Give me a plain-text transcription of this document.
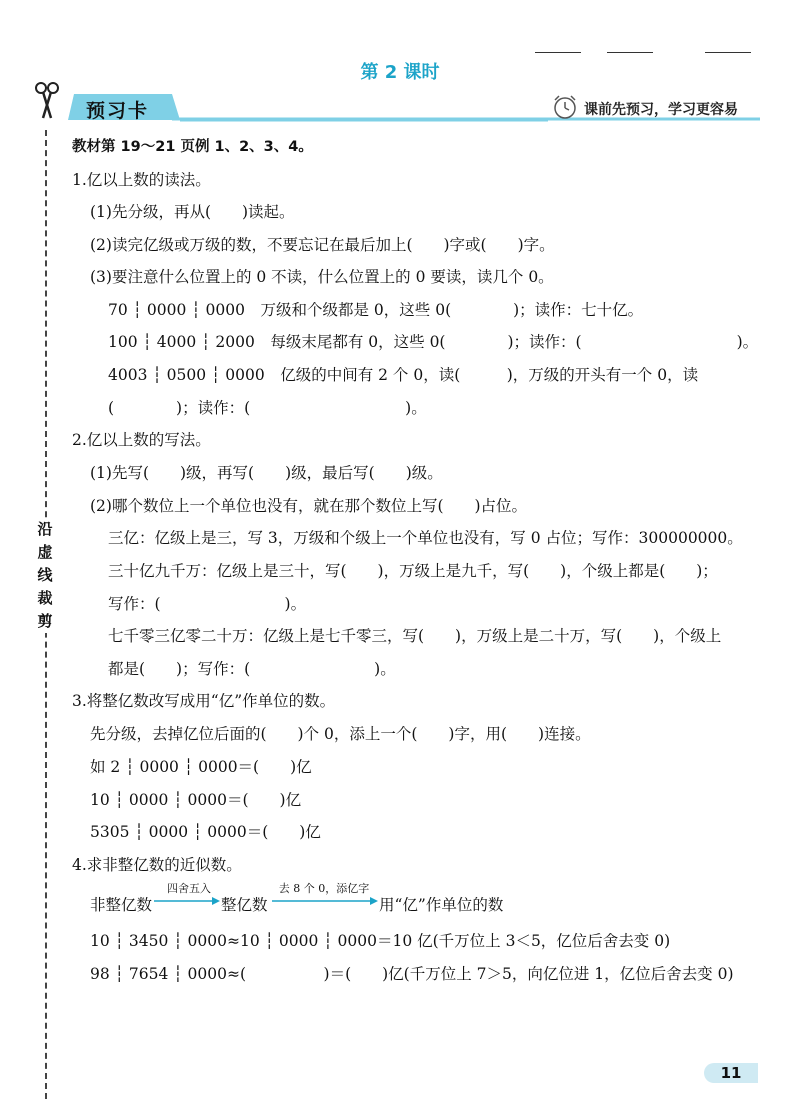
第 2 课时
沿虚线裁剪
预习卡	课前先预习，学习更容易
教材第 19～21 页例 1、2、3、4。
1.亿以上数的读法。
(1)先分级，再从(　　)读起。
(2)读完亿级或万级的数，不要忘记在最后加上(　　)字或(　　)字。
(3)要注意什么位置上的 0 不读，什么位置上的 0 要读，读几个 0。
70 ┆ 0000 ┆ 0000　万级和个级都是 0，这些 0(　　　　)；读作：七十亿。
100 ┆ 4000 ┆ 2000　每级末尾都有 0，这些 0(　　　　)；读作：(　　　　　　　　　　)。
4003 ┆ 0500 ┆ 0000　亿级的中间有 2 个 0，读(　　　)，万级的开头有一个 0，读
(　　　　)；读作：(　　　　　　　　　　)。
2.亿以上数的写法。
(1)先写(　　)级，再写(　　)级，最后写(　　)级。
(2)哪个数位上一个单位也没有，就在那个数位上写(　　)占位。
三亿：亿级上是三，写 3，万级和个级上一个单位也没有，写 0 占位；写作：300000000。
三十亿九千万：亿级上是三十，写(　　)，万级上是九千，写(　　)，个级上都是(　　)；
写作：(　　　　　　　　)。
七千零三亿零二十万：亿级上是七千零三，写(　　)，万级上是二十万，写(　　)，个级上
都是(　　)；写作：(　　　　　　　　)。
3.将整亿数改写成用“亿”作单位的数。
先分级，去掉亿位后面的(　　)个 0，添上一个(　　)字，用(　　)连接。
如 2 ┆ 0000 ┆ 0000＝(　　)亿
10 ┆ 0000 ┆ 0000＝(　　)亿
5305 ┆ 0000 ┆ 0000＝(　　)亿
4.求非整亿数的近似数。
非整亿数
四舍五入
整亿数
去 8 个 0，添亿字
用“亿”作单位的数
10 ┆ 3450 ┆ 0000≈10 ┆ 0000 ┆ 0000＝10 亿(千万位上 3＜5，亿位后舍去变 0)
98 ┆ 7654 ┆ 0000≈(　　　　　)＝(　　)亿(千万位上 7＞5，向亿位进 1，亿位后舍去变 0)
11
